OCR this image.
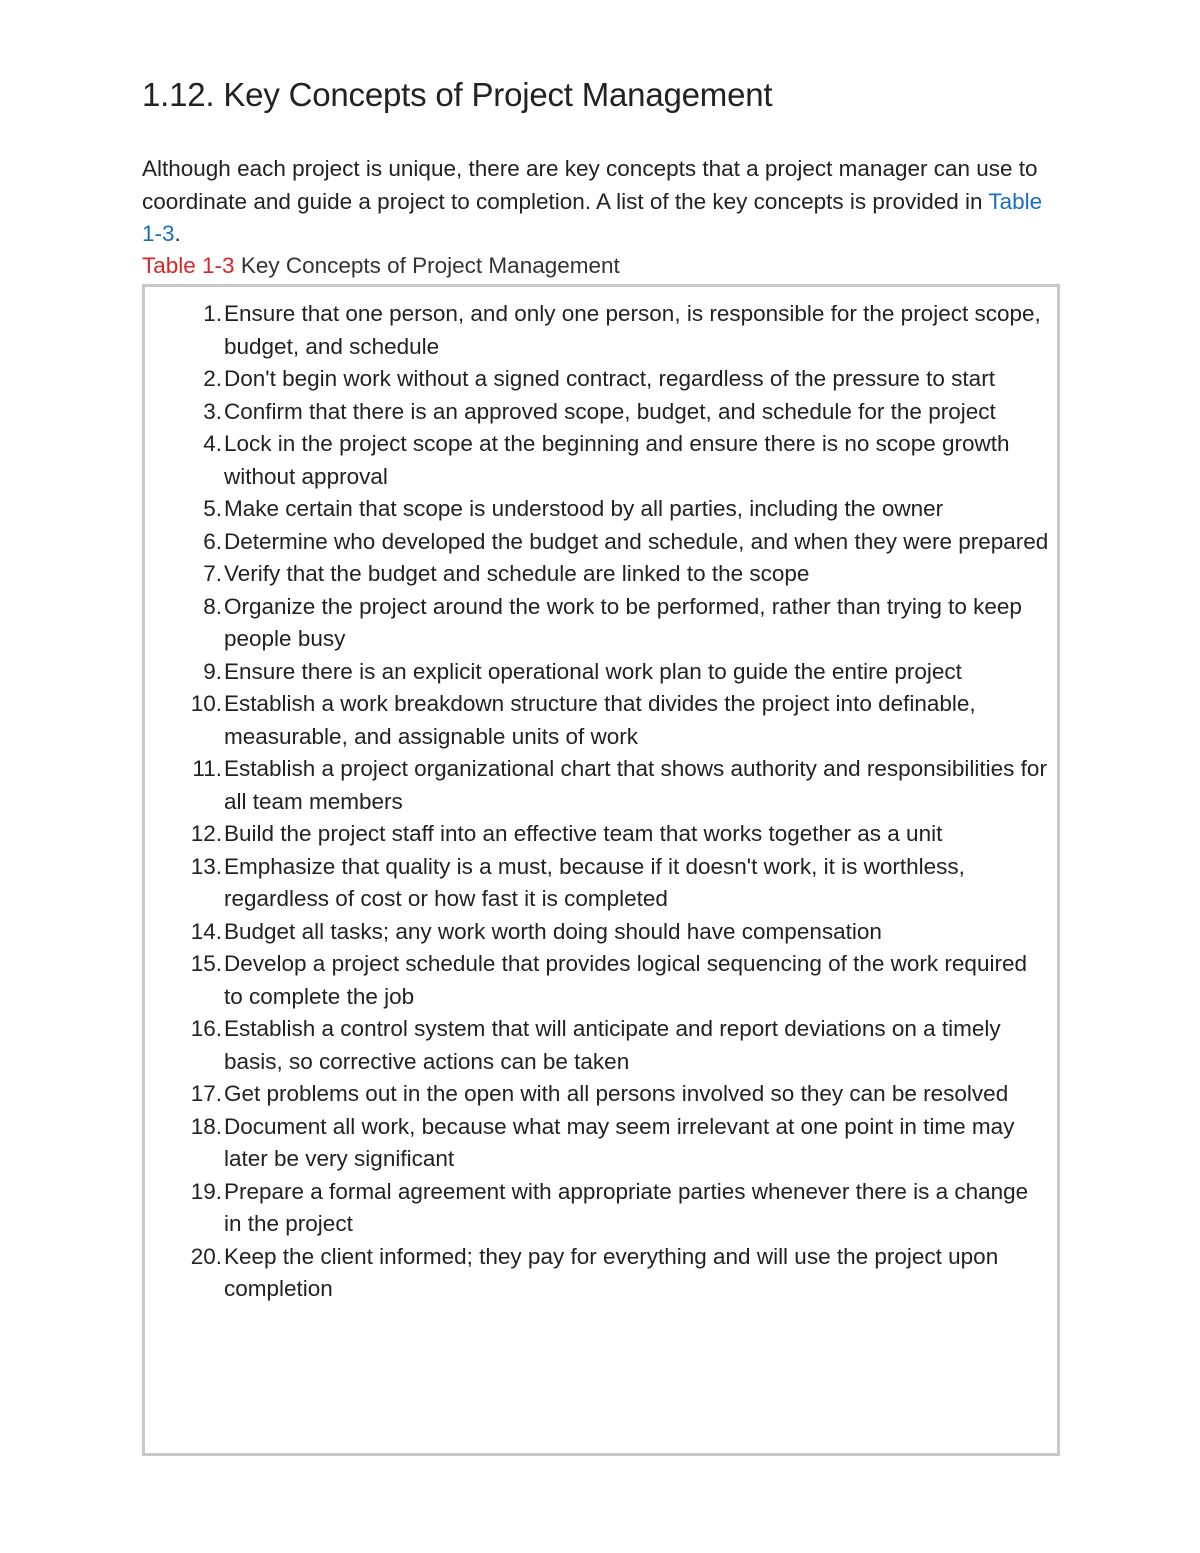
1.12. Key Concepts of Project Management

Although each project is unique, there are key concepts that a project manager can use to coordinate and guide a project to completion. A list of the key concepts is provided in Table 1-3.

Table 1-3 Key Concepts of Project Management

1. Ensure that one person, and only one person, is responsible for the project scope, budget, and schedule
2. Don't begin work without a signed contract, regardless of the pressure to start
3. Confirm that there is an approved scope, budget, and schedule for the project
4. Lock in the project scope at the beginning and ensure there is no scope growth without approval
5. Make certain that scope is understood by all parties, including the owner
6. Determine who developed the budget and schedule, and when they were prepared
7. Verify that the budget and schedule are linked to the scope
8. Organize the project around the work to be performed, rather than trying to keep people busy
9. Ensure there is an explicit operational work plan to guide the entire project
10. Establish a work breakdown structure that divides the project into definable, measurable, and assignable units of work
11. Establish a project organizational chart that shows authority and responsibilities for all team members
12. Build the project staff into an effective team that works together as a unit
13. Emphasize that quality is a must, because if it doesn't work, it is worthless, regardless of cost or how fast it is completed
14. Budget all tasks; any work worth doing should have compensation
15. Develop a project schedule that provides logical sequencing of the work required to complete the job
16. Establish a control system that will anticipate and report deviations on a timely basis, so corrective actions can be taken
17. Get problems out in the open with all persons involved so they can be resolved
18. Document all work, because what may seem irrelevant at one point in time may later be very significant
19. Prepare a formal agreement with appropriate parties whenever there is a change in the project
20. Keep the client informed; they pay for everything and will use the project upon completion
